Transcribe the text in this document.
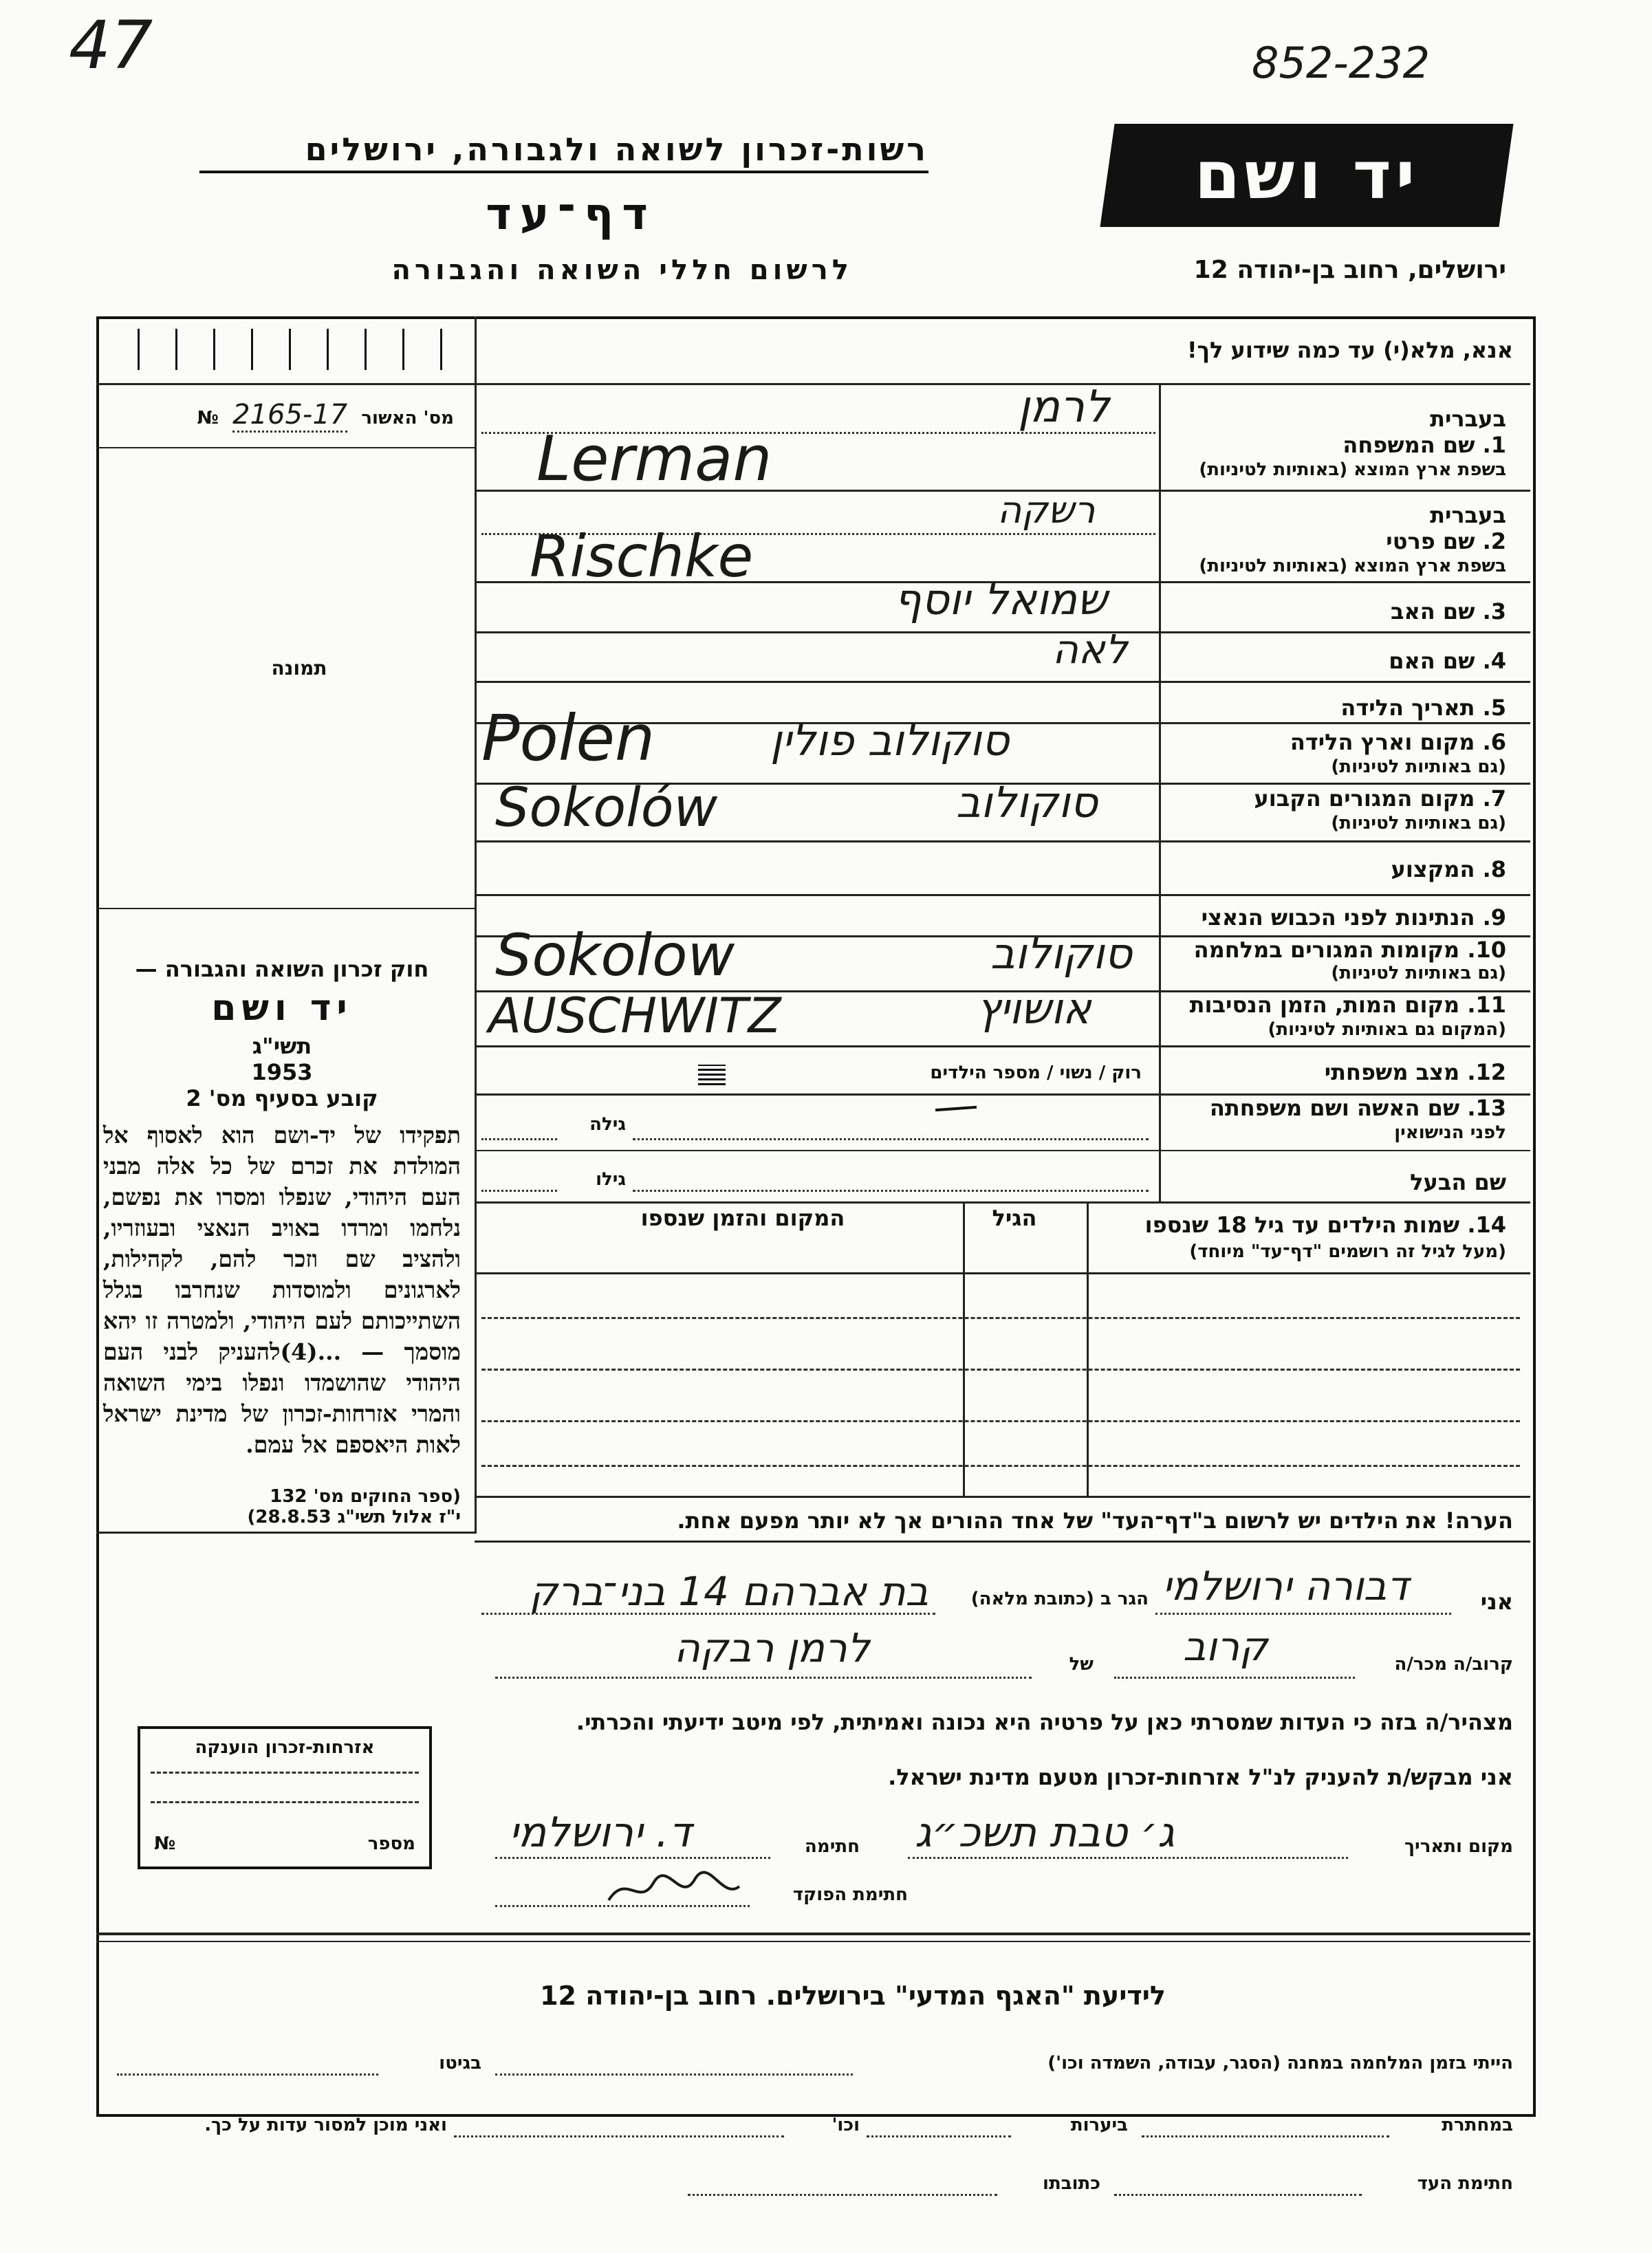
47	852-232
רשות-זכרון לשואה ולגבורה, ירושלים
דף־עד
לרשום חללי השואה והגבורה
יד ושם
ירושלים, רחוב בן-יהודה 12
מס' האשור 2165-17 №
תמונה
חוק זכרון השואה והגבורה —
יד ושם
תשי"ג
1953
קובע בסעיף מס' 2
תפקידו של יד-ושם הוא לאסוף אל המולדת את זכרם של כל אלה מבני העם היהודי, שנפלו ומסרו את נפשם, נלחמו ומרדו באויב הנאצי ובעוזריו, ולהציב שם וזכר להם, לקהילות, לארגונים ולמוסדות שנחרבו בגלל השתייכותם לעם היהודי, ולמטרה זו יהא מוסמך — ...(4)להעניק לבני העם היהודי שהושמדו ונפלו בימי השואה והמרי אזרחות-זכרון של מדינת ישראל לאות היאספם אל עמם.
(ספר החוקים מס' 132
י"ז אלול תשי"ג 28.8.53)
אנא, מלא(י) עד כמה שידוע לך!
בעברית
1. שם המשפחה
בשפת ארץ המוצא (באותיות לטיניות)
לרמן
Lerman
בעברית
2. שם פרטי
בשפת ארץ המוצא (באותיות לטיניות)
רשקה
Rischke
3. שם האב
שמואל יוסף
4. שם האם
לאה
5. תאריך הלידה
6. מקום וארץ הלידה
(גם באותיות לטיניות)
סוקולוב פולין
Polen
7. מקום המגורים הקבוע
(גם באותיות לטיניות)
סוקולוב
Sokolów
8. המקצוע
9. הנתינות לפני הכבוש הנאצי
10. מקומות המגורים במלחמה
(גם באותיות לטיניות)
סוקולוב
Sokolow
11. מקום המות, הזמן הנסיבות
(המקום גם באותיות לטיניות)
אושויץ
AUSCHWITZ
12. מצב משפחתי
רוק / נשוי / מספר הילדים
13. שם האשה ושם משפחתה
לפני הנישואין
גילה
שם הבעל
גילו
14. שמות הילדים עד גיל 18 שנספו
(מעל לגיל זה רושמים "דף־עד" מיוחד)
הגיל
המקום והזמן שנספו
הערה! את הילדים יש לרשום ב"דף־העד" של אחד ההורים אך לא יותר מפעם אחת.
אני
דבורה ירושלמי
הגר ב (כתובת מלאה)
בת אברהם 14 בני־ברק
קרוב/ה מכר/ה
קרוב
של
לרמן רבקה
מצהיר/ה בזה כי העדות שמסרתי כאן על פרטיה היא נכונה ואמיתית, לפי מיטב ידיעתי והכרתי.
אני מבקש/ת להעניק לנ"ל אזרחות-זכרון מטעם מדינת ישראל.
מקום ותאריך
ג׳ טבת תשכ״ג
חתימה
ד. ירושלמי
חתימת הפוקד
אזרחות-זכרון הוענקה
מספר
№
לידיעת "האגף המדעי" בירושלים. רחוב בן-יהודה 12
הייתי בזמן המלחמה במחנה (הסגר, עבודה, השמדה וכו')
בגיטו
במחתרת
ביערות
וכו'
ואני מוכן למסור עדות על כך.
חתימת העד
כתובתו
